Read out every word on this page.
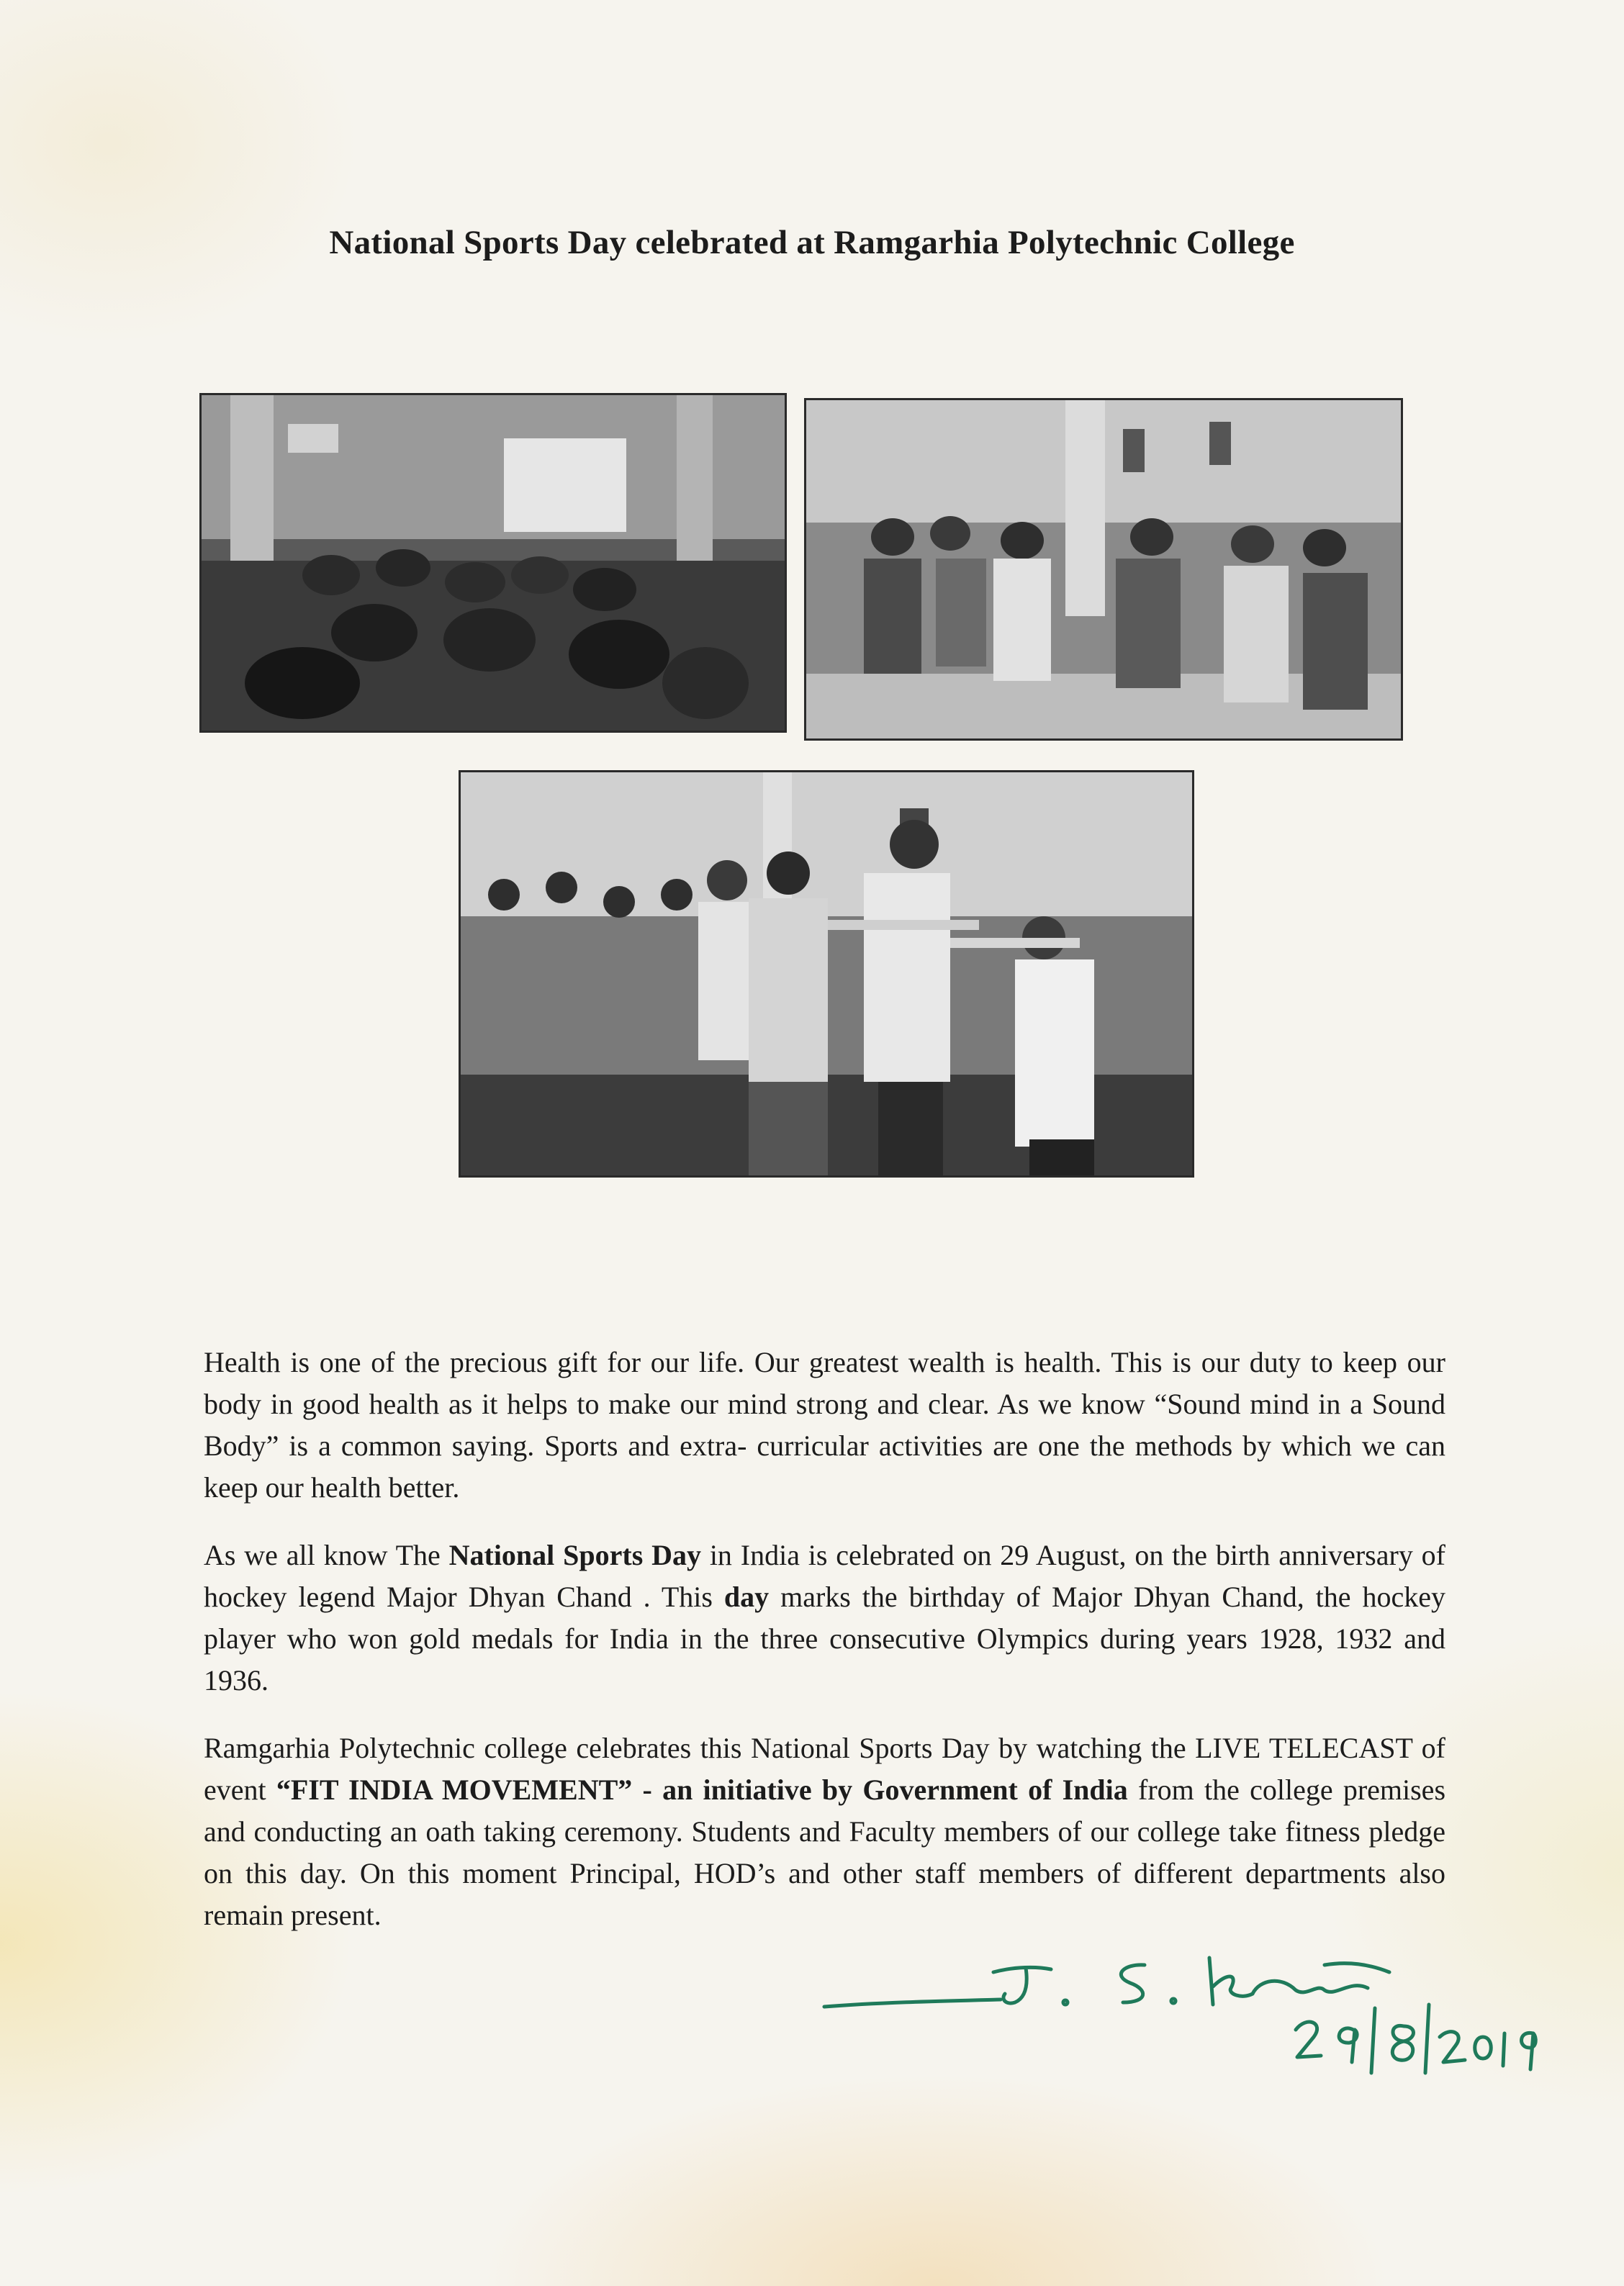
National Sports Day celebrated at Ramgarhia Polytechnic College

Health is one of the precious gift for our life. Our greatest wealth is health. This is our duty to keep our body in good health as it helps to make our mind strong and clear. As we know “Sound mind in a Sound Body” is a common saying. Sports and extra- curricular activities are one the methods by which we can keep our health better.

As we all know The National Sports Day in India is celebrated on 29 August, on the birth anniversary of hockey legend Major Dhyan Chand . This day marks the birthday of Major Dhyan Chand, the hockey player who won gold medals for India in the three consecutive Olympics during years 1928, 1932 and 1936.

Ramgarhia Polytechnic college celebrates this National Sports Day by watching the LIVE TELECAST of event “FIT INDIA MOVEMENT” - an initiative by Government of India from the college premises and conducting an oath taking ceremony. Students and Faculty members of our college take fitness pledge on this day. On this moment Principal, HOD’s and other staff members of different departments also remain present.
